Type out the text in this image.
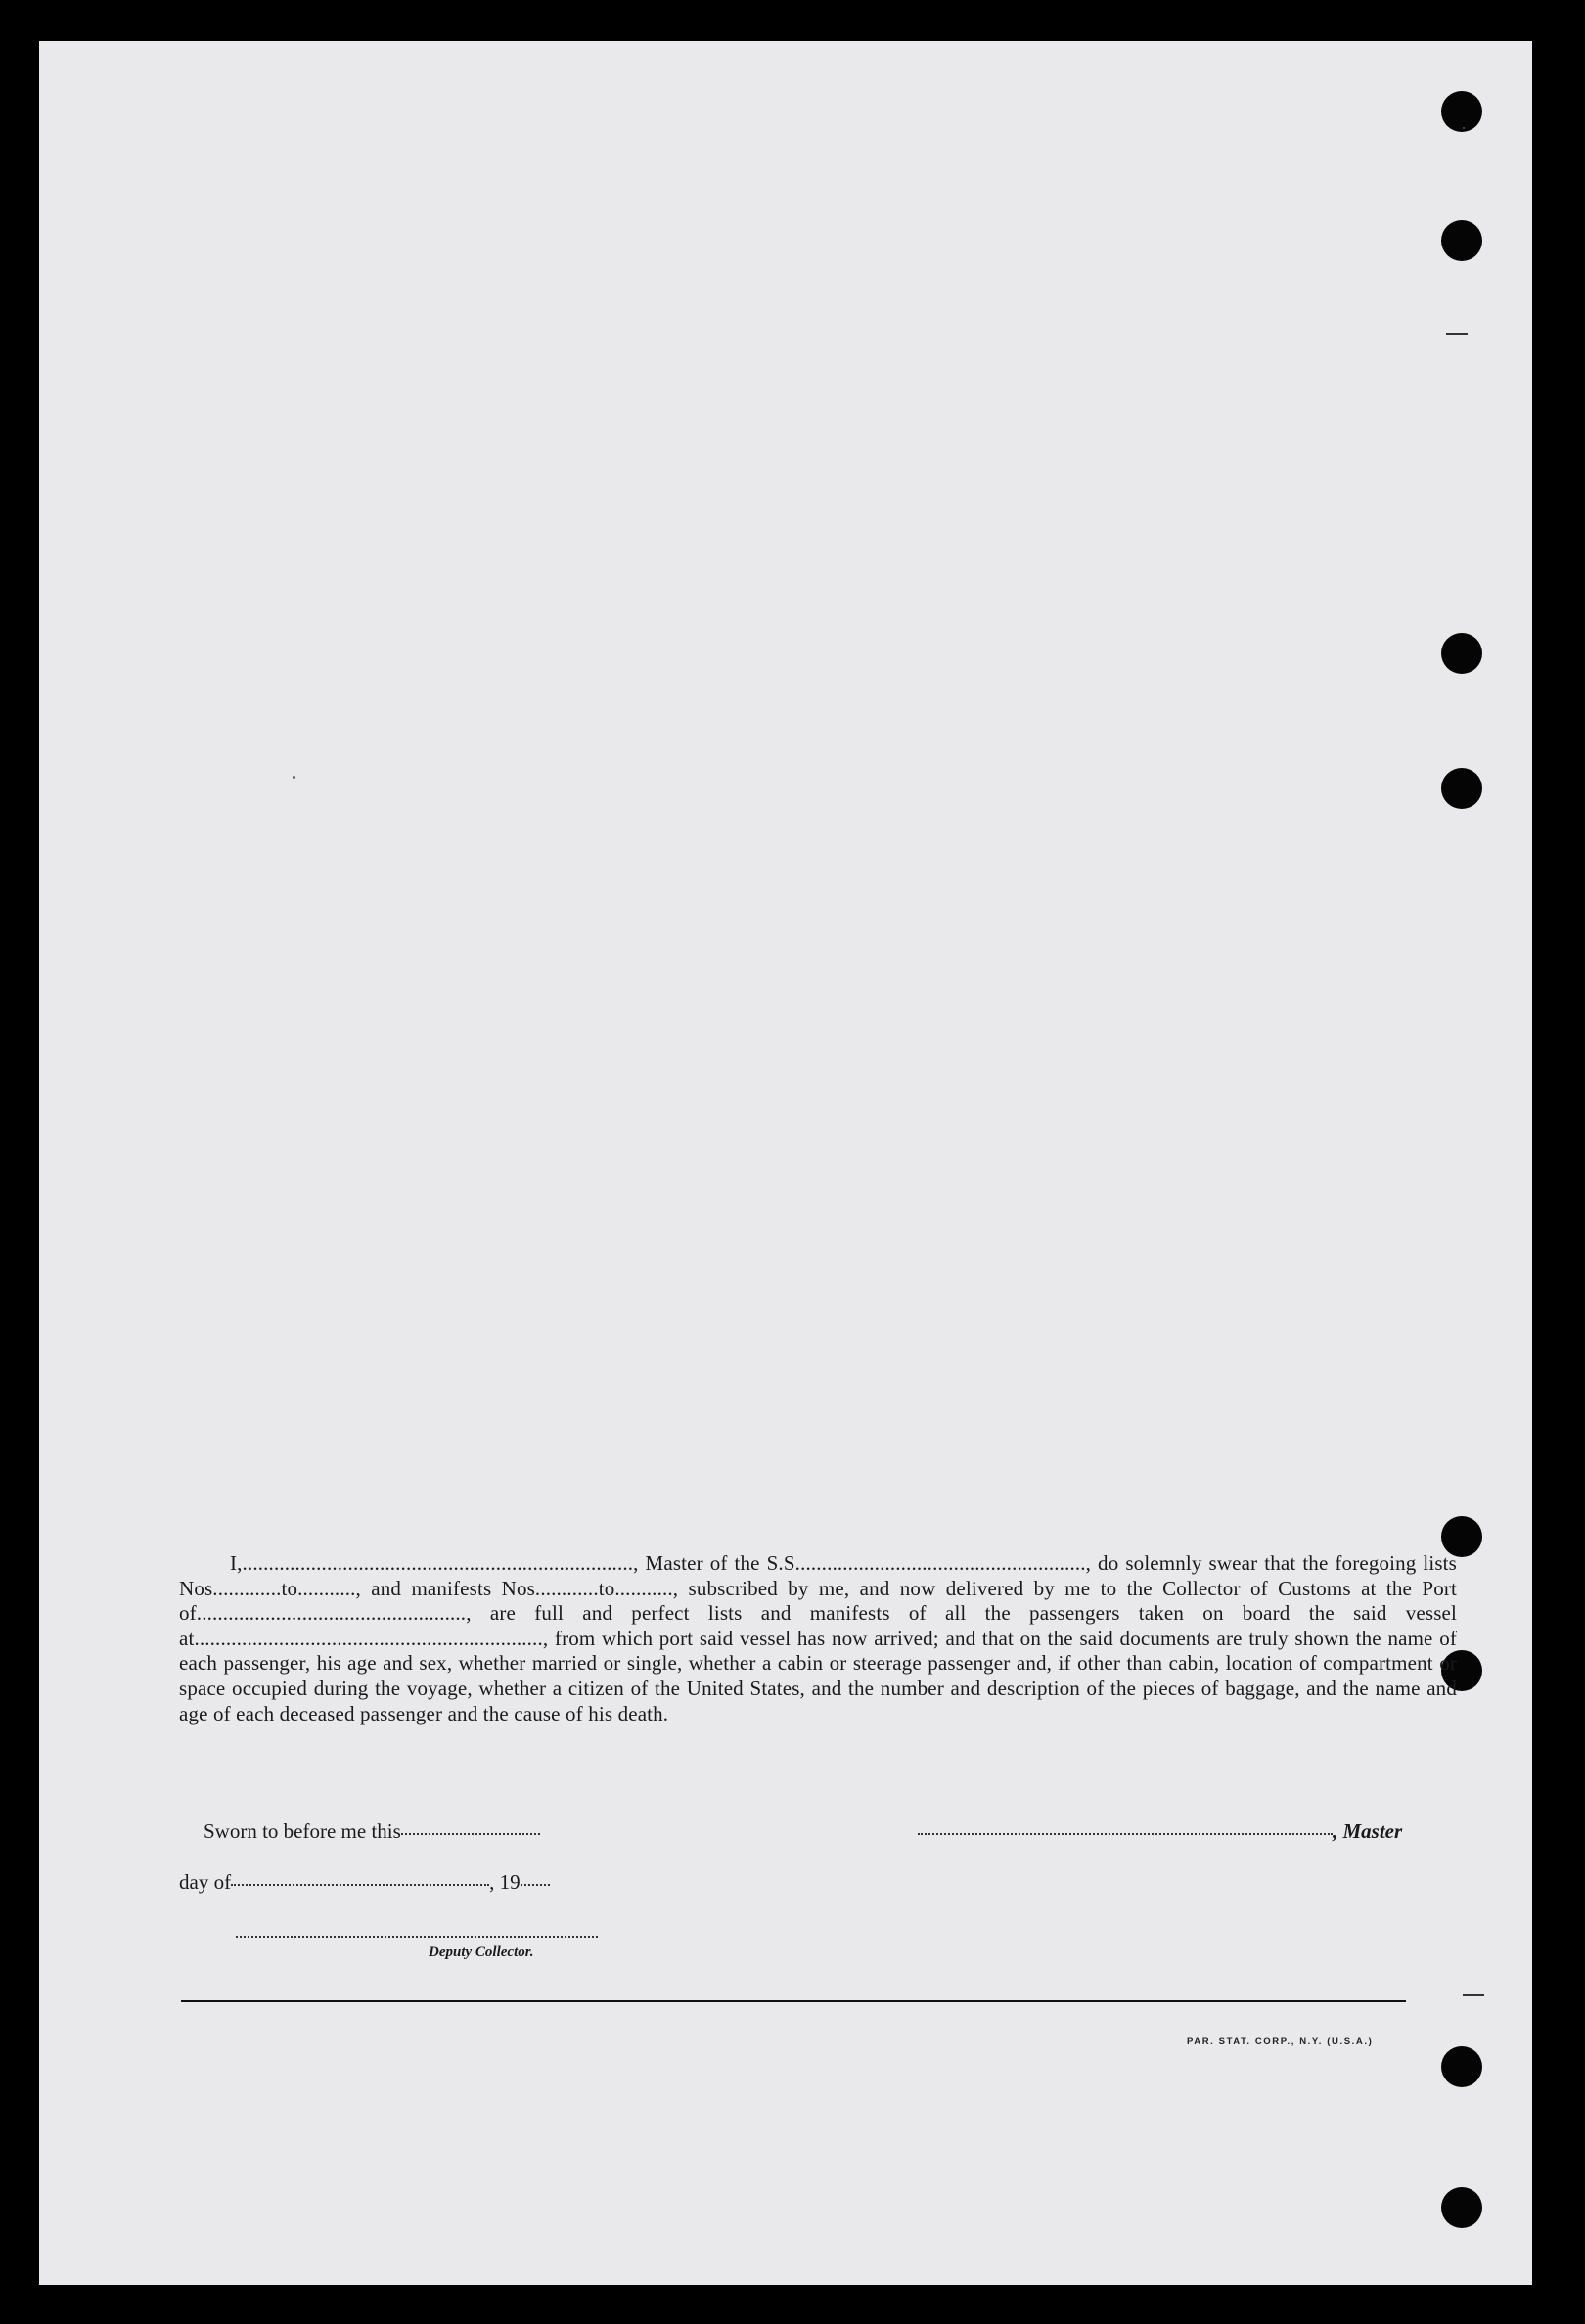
I,.........................................................................., Master of the S.S......................................................., do solemnly swear that the foregoing lists Nos.............to..........., and manifests Nos............to..........., subscribed by me, and now delivered by me to the Collector of Customs at the Port of..................................................., are full and perfect lists and manifests of all the passengers taken on board the said vessel at.................................................................., from which port said vessel has now arrived; and that on the said documents are truly shown the name of each passenger, his age and sex, whether married or single, whether a cabin or steerage passenger and, if other than cabin, location of compartment or space occupied during the voyage, whether a citizen of the United States, and the number and description of the pieces of baggage, and the name and age of each deceased passenger and the cause of his death.

Sworn to before me this	, Master
day of	, 19
Deputy Collector.
PAR. STAT. CORP., N.Y. (U.S.A.)
